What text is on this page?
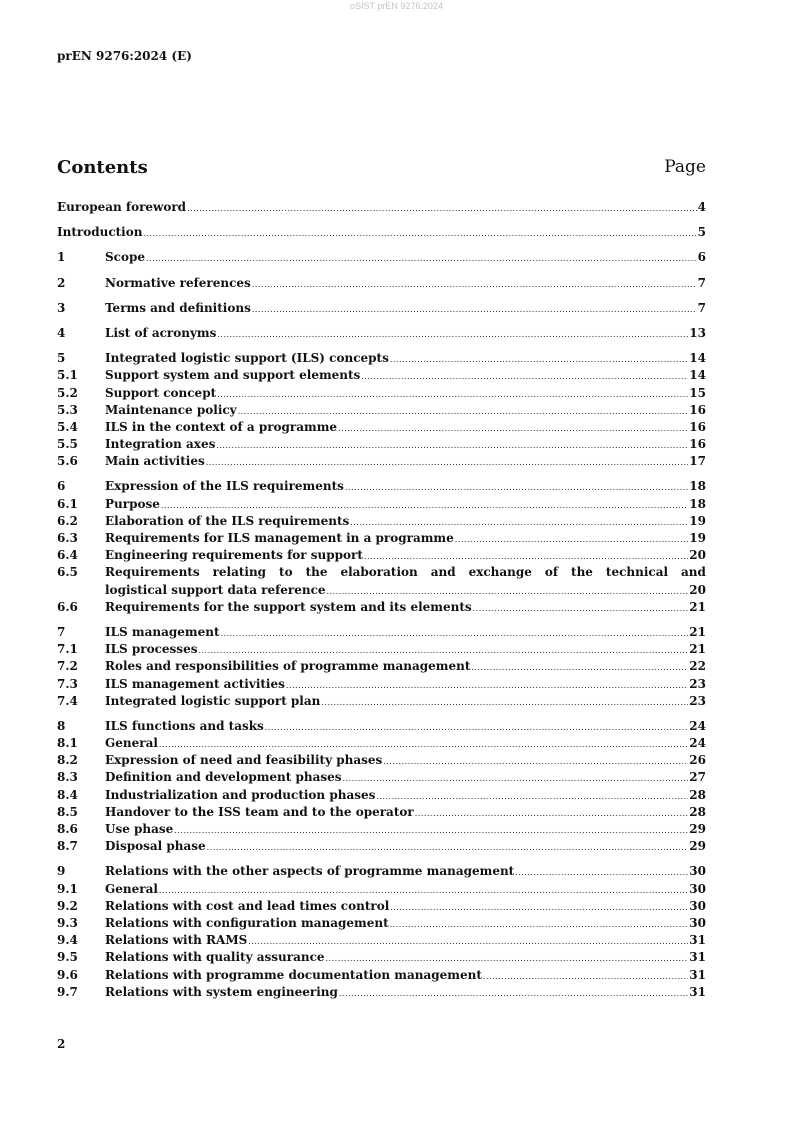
oSIST prEN 9276:2024
prEN 9276:2024 (E)
Contents	Page
European foreword .....	4
Introduction .....	5
1	Scope .....	6
2	Normative references .....	7
3	Terms and definitions .....	7
4	List of acronyms .....	13
5	Integrated logistic support (ILS) concepts .....	14
5.1 Support system and support elements .....	14
5.2 Support concept .....	15
5.3 Maintenance policy .....	16
5.4 ILS in the context of a programme .....	16
5.5 Integration axes .....	16
5.6 Main activities .....	17
6	Expression of the ILS requirements .....	18
6.1 Purpose .....	18
6.2 Elaboration of the ILS requirements .....	19
6.3 Requirements for ILS management in a programme .....	19
6.4 Engineering requirements for support .....	20
6.5 Requirements relating to the elaboration and exchange of the technical and
logistical support data reference .....	20
6.6 Requirements for the support system and its elements .....	21
7	ILS management .....	21
7.1 ILS processes .....	21
7.2 Roles and responsibilities of programme management .....	22
7.3 ILS management activities .....	23
7.4 Integrated logistic support plan .....	23
8	ILS functions and tasks .....	24
8.1 General .....	24
8.2 Expression of need and feasibility phases .....	26
8.3 Definition and development phases .....	27
8.4 Industrialization and production phases .....	28
8.5 Handover to the ISS team and to the operator .....	28
8.6 Use phase .....	29
8.7 Disposal phase .....	29
9	Relations with the other aspects of programme management .....	30
9.1 General .....	30
9.2 Relations with cost and lead times control .....	30
9.3 Relations with configuration management .....	30
9.4 Relations with RAMS .....	31
9.5 Relations with quality assurance .....	31
9.6 Relations with programme documentation management .....	31
9.7 Relations with system engineering .....	31
2
